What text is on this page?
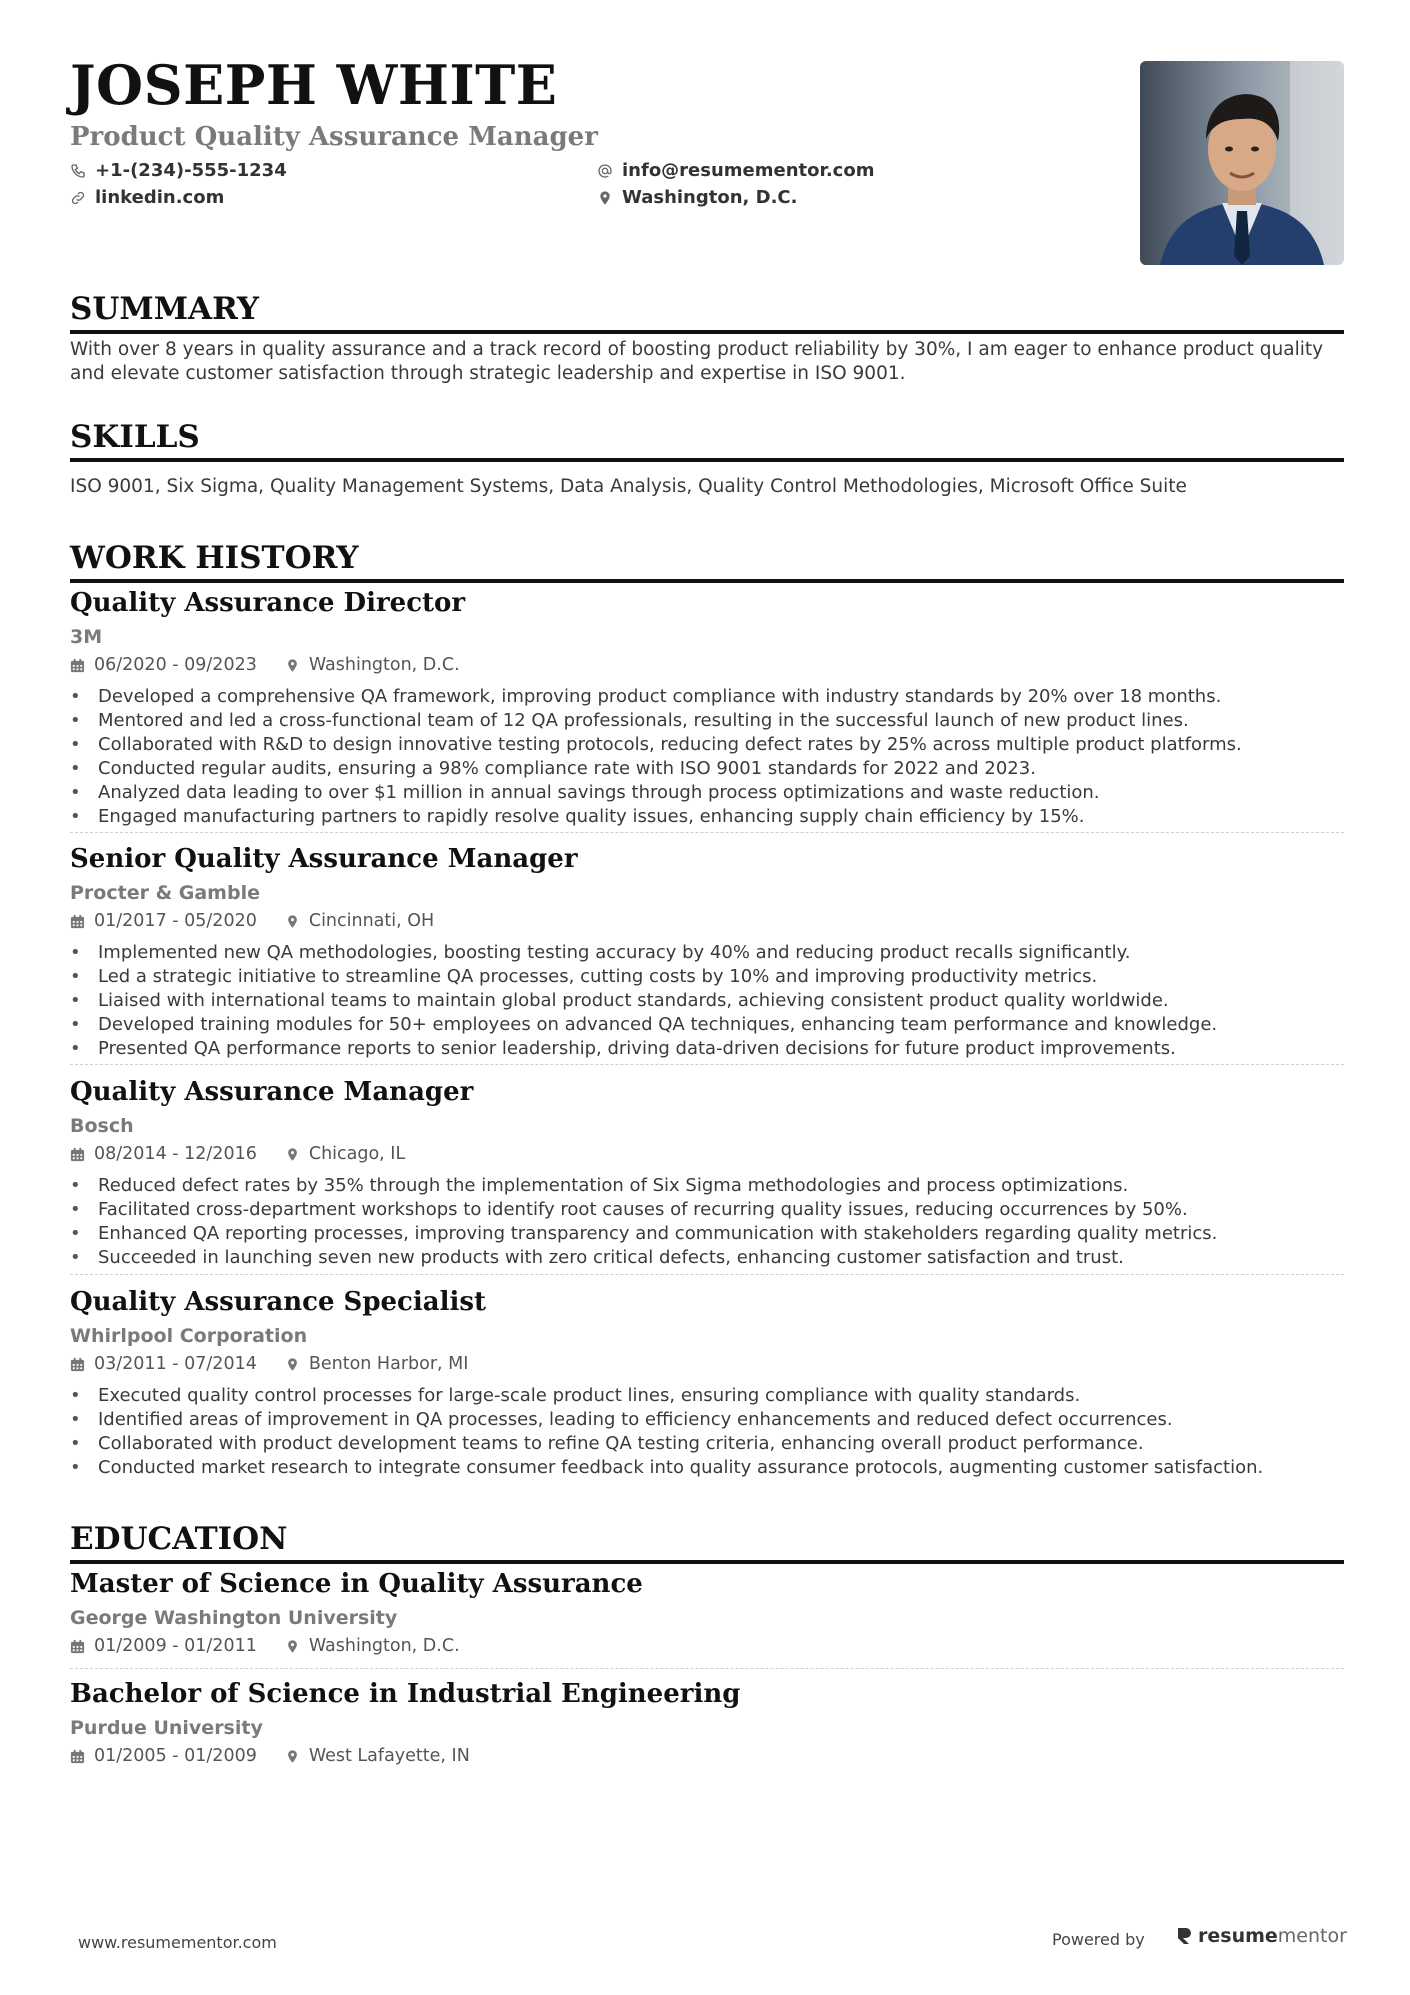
JOSEPH WHITE
Product Quality Assurance Manager
+1-(234)-555-1234
linkedin.com
info@resumementor.com
Washington, D.C.
SUMMARY

With over 8 years in quality assurance and a track record of boosting product reliability by 30%, I am eager to enhance product quality and elevate customer satisfaction through strategic leadership and expertise in ISO 9001.

SKILLS

ISO 9001, Six Sigma, Quality Management Systems, Data Analysis, Quality Control Methodologies, Microsoft Office Suite

WORK HISTORY
Quality Assurance Director
3M
06/2020 - 09/2023	Washington, D.C.
• Developed a comprehensive QA framework, improving product compliance with industry standards by 20% over 18 months.
• Mentored and led a cross-functional team of 12 QA professionals, resulting in the successful launch of new product lines.
• Collaborated with R&D to design innovative testing protocols, reducing defect rates by 25% across multiple product platforms.
• Conducted regular audits, ensuring a 98% compliance rate with ISO 9001 standards for 2022 and 2023.
• Analyzed data leading to over $1 million in annual savings through process optimizations and waste reduction.
• Engaged manufacturing partners to rapidly resolve quality issues, enhancing supply chain efficiency by 15%.
Senior Quality Assurance Manager
Procter & Gamble
01/2017 - 05/2020	Cincinnati, OH
• Implemented new QA methodologies, boosting testing accuracy by 40% and reducing product recalls significantly.
• Led a strategic initiative to streamline QA processes, cutting costs by 10% and improving productivity metrics.
• Liaised with international teams to maintain global product standards, achieving consistent product quality worldwide.
• Developed training modules for 50+ employees on advanced QA techniques, enhancing team performance and knowledge.
• Presented QA performance reports to senior leadership, driving data-driven decisions for future product improvements.
Quality Assurance Manager
Bosch
08/2014 - 12/2016	Chicago, IL
• Reduced defect rates by 35% through the implementation of Six Sigma methodologies and process optimizations.
• Facilitated cross-department workshops to identify root causes of recurring quality issues, reducing occurrences by 50%.
• Enhanced QA reporting processes, improving transparency and communication with stakeholders regarding quality metrics.
• Succeeded in launching seven new products with zero critical defects, enhancing customer satisfaction and trust.
Quality Assurance Specialist
Whirlpool Corporation
03/2011 - 07/2014	Benton Harbor, MI
• Executed quality control processes for large-scale product lines, ensuring compliance with quality standards.
• Identified areas of improvement in QA processes, leading to efficiency enhancements and reduced defect occurrences.
• Collaborated with product development teams to refine QA testing criteria, enhancing overall product performance.
• Conducted market research to integrate consumer feedback into quality assurance protocols, augmenting customer satisfaction.
EDUCATION
Master of Science in Quality Assurance
George Washington University
01/2009 - 01/2011	Washington, D.C.
Bachelor of Science in Industrial Engineering
Purdue University
01/2005 - 01/2009	West Lafayette, IN
www.resumementor.com	Powered by	resumementor
